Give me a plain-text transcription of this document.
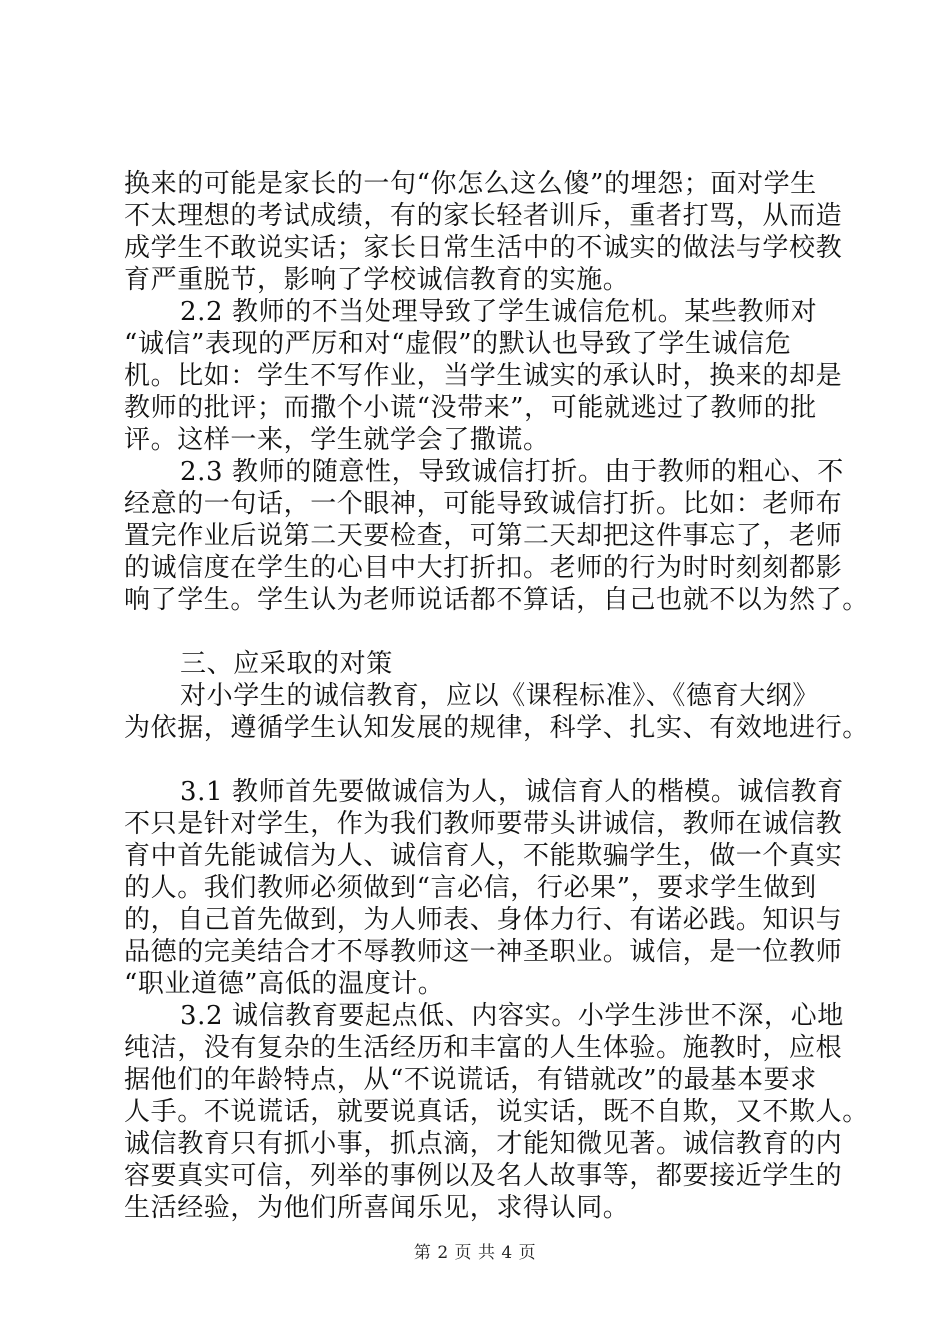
换来的可能是家长的一句“你怎么这么傻”的埋怨；面对学生
不太理想的考试成绩，有的家长轻者训斥，重者打骂，从而造
成学生不敢说实话；家长日常生活中的不诚实的做法与学校教
育严重脱节，影响了学校诚信教育的实施。
2.2 教师的不当处理导致了学生诚信危机。某些教师对
“诚信”表现的严厉和对“虚假”的默认也导致了学生诚信危
机。比如：学生不写作业，当学生诚实的承认时，换来的却是
教师的批评；而撒个小谎“没带来”，可能就逃过了教师的批
评。这样一来，学生就学会了撒谎。
2.3 教师的随意性，导致诚信打折。由于教师的粗心、不
经意的一句话，一个眼神，可能导致诚信打折。比如：老师布
置完作业后说第二天要检查，可第二天却把这件事忘了，老师
的诚信度在学生的心目中大打折扣。老师的行为时时刻刻都影
响了学生。学生认为老师说话都不算话，自己也就不以为然了。
三、应采取的对策
对小学生的诚信教育，应以《课程标准》、《德育大纲》
为依据，遵循学生认知发展的规律，科学、扎实、有效地进行。
3.1 教师首先要做诚信为人，诚信育人的楷模。诚信教育
不只是针对学生，作为我们教师要带头讲诚信，教师在诚信教
育中首先能诚信为人、诚信育人，不能欺骗学生，做一个真实
的人。我们教师必须做到“言必信，行必果”，要求学生做到
的，自己首先做到，为人师表、身体力行、有诺必践。知识与
品德的完美结合才不辱教师这一神圣职业。诚信，是一位教师
“职业道德”高低的温度计。
3.2 诚信教育要起点低、内容实。小学生涉世不深，心地
纯洁，没有复杂的生活经历和丰富的人生体验。施教时，应根
据他们的年龄特点，从“不说谎话，有错就改”的最基本要求
人手。不说谎话，就要说真话，说实话，既不自欺，又不欺人。
诚信教育只有抓小事，抓点滴，才能知微见著。诚信教育的内
容要真实可信，列举的事例以及名人故事等，都要接近学生的
生活经验，为他们所喜闻乐见，求得认同。
第 2 页 共 4 页
